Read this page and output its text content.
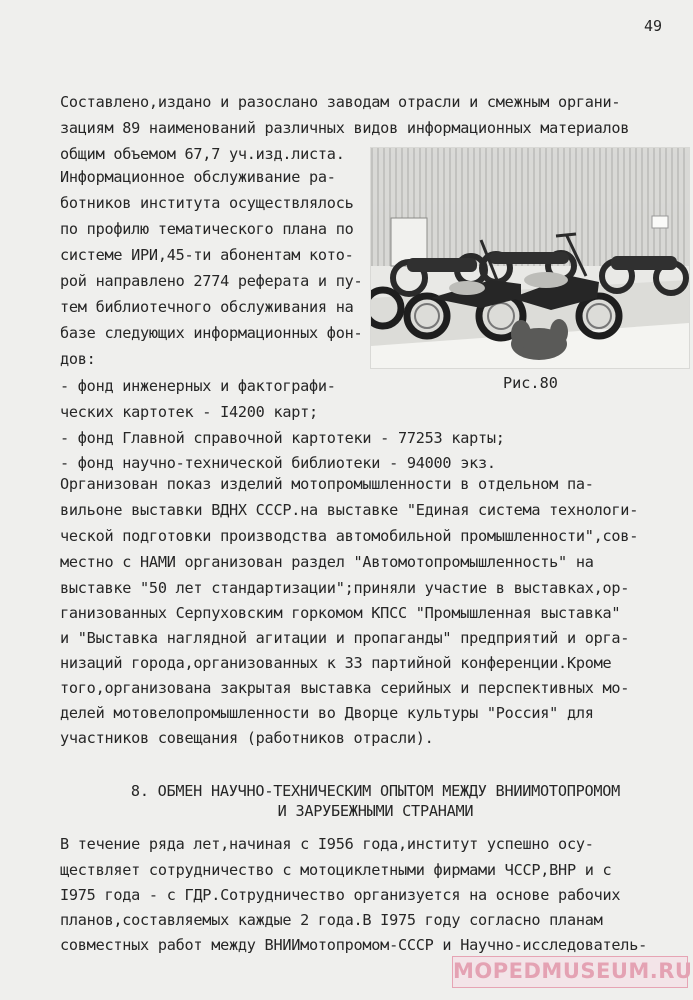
49
Составлено,издано и разослано заводам отрасли и смежным органи-
зациям 89 наименований различных видов информационных материалов
общим объемом 67,7 уч.изд.листа.
Информационное обслуживание ра-
ботников института осуществлялось
по профилю тематического плана по
системе ИРИ,45-ти абонентам кото-
рой направлено 2774 реферата и пу-
тем библиотечного обслуживания на
базе следующих информационных фон-
дов:
Рис.80
- фонд инженерных и фактографи-
ческих картотек - I4200 карт;
- фонд Главной справочной картотеки - 77253 карты;
- фонд научно-технической библиотеки - 94000 экз.
Организован показ изделий мотопромышленности в отдельном па-
вильоне выставки ВДНХ СССР.на выставке "Единая система технологи-
ческой подготовки производства автомобильной промышленности",сов-
местно с НАМИ организован раздел "Автомотопромышленность" на
выставке "50 лет стандартизации";приняли участие в выставках,ор-
ганизованных Серпуховским горкомом КПСС "Промышленная выставка"
и "Выставка наглядной агитации и пропаганды" предприятий и орга-
низаций города,организованных к 33 партийной конференции.Кроме
того,организована закрытая выставка серийных и перспективных мо-
делей мотовелопромышленности во Дворце культуры "Россия" для
участников совещания (работников отрасли).
8. ОБМЕН НАУЧНО-ТЕХНИЧЕСКИМ ОПЫТОМ МЕЖДУ ВНИИМОТОПРОМОМ
И ЗАРУБЕЖНЫМИ СТРАНАМИ
В течение ряда лет,начиная с I956 года,институт успешно осу-
ществляет сотрудничество с мотоциклетными фирмами ЧССР,ВНР и с
I975 года - с ГДР.Сотрудничество организуется на основе рабочих
планов,составляемых каждые 2 года.В I975 году согласно планам
совместных работ между ВНИИмотопромом-СССР и Научно-исследователь-
MOPEDMUSEUM.RU
